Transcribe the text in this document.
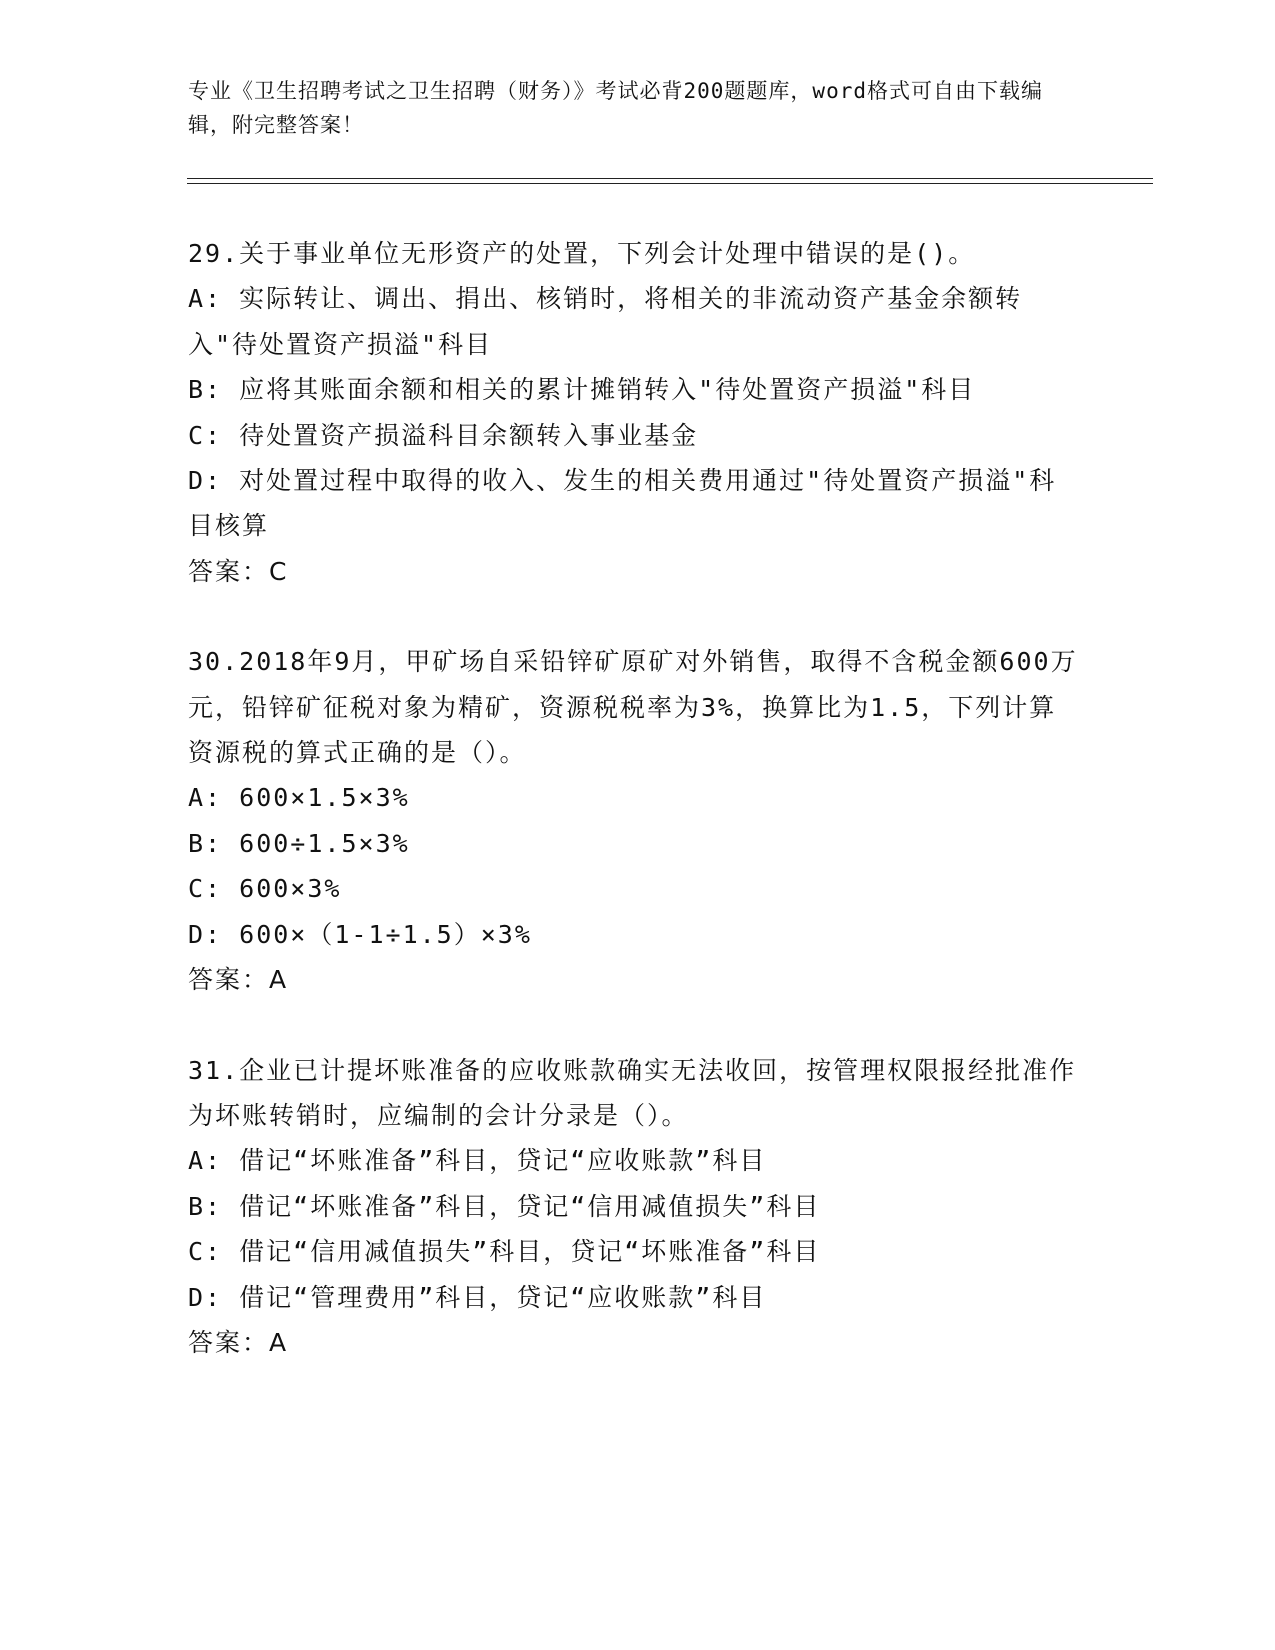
专业《卫生招聘考试之卫生招聘（财务）》考试必背200题题库，word格式可自由下载编辑，附完整答案！

29.关于事业单位无形资产的处置，下列会计处理中错误的是()。

A: 实际转让、调出、捐出、核销时，将相关的非流动资产基金余额转入"待处置资产损溢"科目

B: 应将其账面余额和相关的累计摊销转入"待处置资产损溢"科目

C: 待处置资产损溢科目余额转入事业基金

D: 对处置过程中取得的收入、发生的相关费用通过"待处置资产损溢"科目核算

答案：C

30.2018年9月，甲矿场自采铅锌矿原矿对外销售，取得不含税金额600万元，铅锌矿征税对象为精矿，资源税税率为3%，换算比为1.5，下列计算资源税的算式正确的是（）。

A: 600×1.5×3%

B: 600÷1.5×3%

C: 600×3%

D: 600×（1-1÷1.5）×3%

答案：A

31.企业已计提坏账准备的应收账款确实无法收回，按管理权限报经批准作为坏账转销时，应编制的会计分录是（）。

A: 借记“坏账准备”科目，贷记“应收账款”科目

B: 借记“坏账准备”科目，贷记“信用减值损失”科目

C: 借记“信用减值损失”科目，贷记“坏账准备”科目

D: 借记“管理费用”科目，贷记“应收账款”科目

答案：A
